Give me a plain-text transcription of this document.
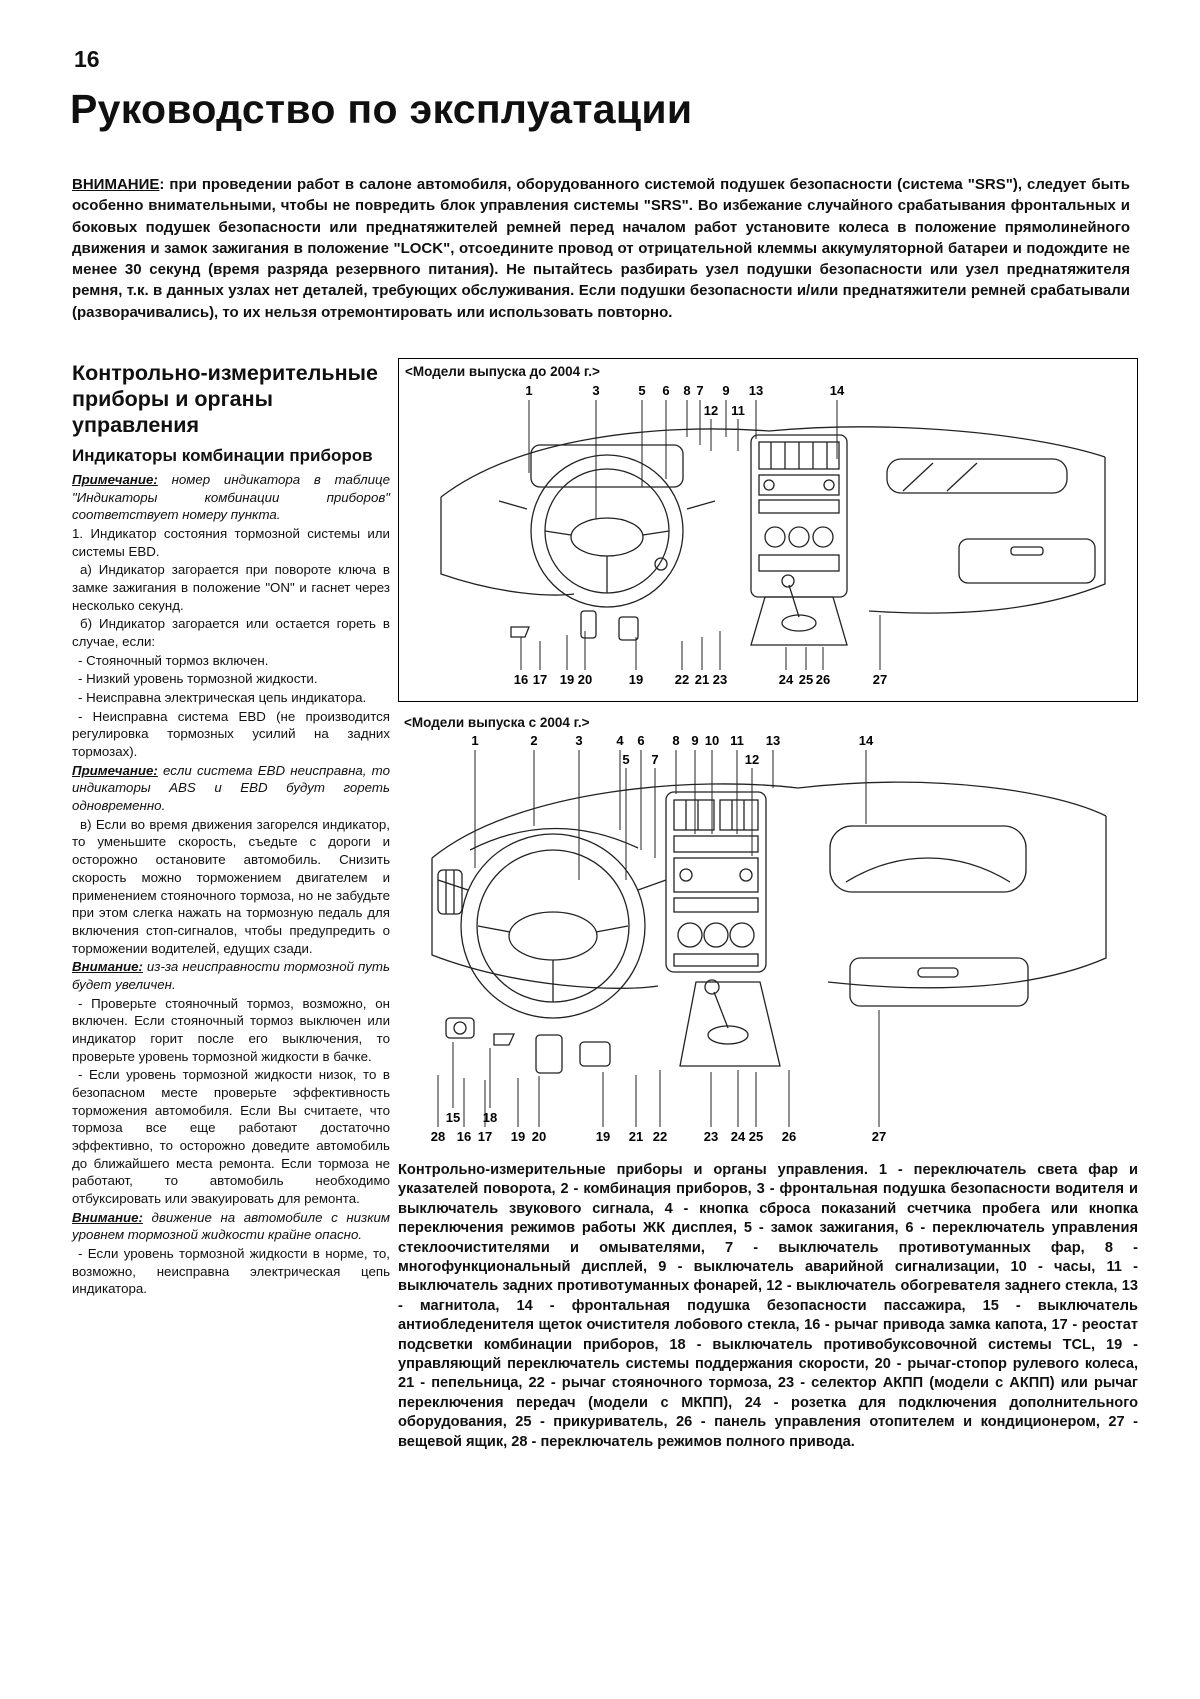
16
Руководство по эксплуатации

ВНИМАНИЕ: при проведении работ в салоне автомобиля, оборудованного системой подушек безопасности (система "SRS"), следует быть особенно внимательными, чтобы не повредить блок управления системы "SRS". Во избежание случайного срабатывания фронтальных и боковых подушек безопасности или преднатяжителей ремней перед началом работ установите колеса в положение прямолинейного движения и замок зажигания в положение "LOCK", отсоедините провод от отрицательной клеммы аккумуляторной батареи и подождите не менее 30 секунд (время разряда резервного питания). Не пытайтесь разбирать узел подушки безопасности или узел преднатяжителя ремня, т.к. в данных узлах нет деталей, требующих обслуживания. Если подушки безопасности и/или преднатяжители ремней срабатывали (разворачивались), то их нельзя отремонтировать или использовать повторно.

Контрольно-измерительные приборы и органы управления
Индикаторы комбинации приборов

Примечание: номер индикатора в таблице "Индикаторы комбинации приборов" соответствует номеру пункта.

1. Индикатор состояния тормозной системы или системы EBD.

а) Индикатор загорается при повороте ключа в замке зажигания в положение "ON" и гаснет через несколько секунд.

б) Индикатор загорается или остается гореть в случае, если:

- Стояночный тормоз включен.

- Низкий уровень тормозной жидкости.

- Неисправна электрическая цепь индикатора.

- Неисправна система EBD (не производится регулировка тормозных усилий на задних тормозах).

Примечание: если система EBD неисправна, то индикаторы ABS и EBD будут гореть одновременно.

в) Если во время движения загорелся индикатор, то уменьшите скорость, съедьте с дороги и осторожно остановите автомобиль. Снизить скорость можно торможением двигателем и применением стояночного тормоза, но не забудьте при этом слегка нажать на тормозную педаль для включения стоп-сигналов, чтобы предупредить о торможении водителей, едущих сзади.

Внимание: из-за неисправности тормозной путь будет увеличен.

- Проверьте стояночный тормоз, возможно, он включен. Если стояночный тормоз выключен или индикатор горит после его выключения, то проверьте уровень тормозной жидкости в бачке.

- Если уровень тормозной жидкости низок, то в безопасном месте проверьте эффективность торможения автомобиля. Если Вы считаете, что тормоза все еще работают достаточно эффективно, то осторожно доведите автомобиль до ближайшего места ремонта. Если тормоза не работают, то автомобиль необходимо отбуксировать или эвакуировать для ремонта.

Внимание: движение на автомобиле с низким уровнем тормозной жидкости крайне опасно.

- Если уровень тормозной жидкости в норме, то, возможно, неисправна электрическая цепь индикатора.

<Модели выпуска до 2004 г.>
1	3	5 6 8 7 9 13	14
12 11
16 17 19 20	19 22 21 23	24 25 26	27
<Модели выпуска с 2004 г.>
1	2	3	4 6 8 9 10 11 13	14
5 7	12
15 18
28 16 17 19 20	19 21 22	23 24 25 26	27

Контрольно-измерительные приборы и органы управления. 1 - переключатель света фар и указателей поворота, 2 - комбинация приборов, 3 - фронтальная подушка безопасности водителя и выключатель звукового сигнала, 4 - кнопка сброса показаний счетчика пробега или кнопка переключения режимов работы ЖК дисплея, 5 - замок зажигания, 6 - переключатель управления стеклоочистителями и омывателями, 7 - выключатель противотуманных фар, 8 - многофункциональный дисплей, 9 - выключатель аварийной сигнализации, 10 - часы, 11 - выключатель задних противотуманных фонарей, 12 - выключатель обогревателя заднего стекла, 13 - магнитола, 14 - фронтальная подушка безопасности пассажира, 15 - выключатель антиобледенителя щеток очистителя лобового стекла, 16 - рычаг привода замка капота, 17 - реостат подсветки комбинации приборов, 18 - выключатель противобуксовочной системы TCL, 19 - управляющий переключатель системы поддержания скорости, 20 - рычаг-стопор рулевого колеса, 21 - пепельница, 22 - рычаг стояночного тормоза, 23 - селектор АКПП (модели с АКПП) или рычаг переключения передач (модели с МКПП), 24 - розетка для подключения дополнительного оборудования, 25 - прикуриватель, 26 - панель управления отопителем и кондиционером, 27 - вещевой ящик, 28 - переключатель режимов полного привода.
